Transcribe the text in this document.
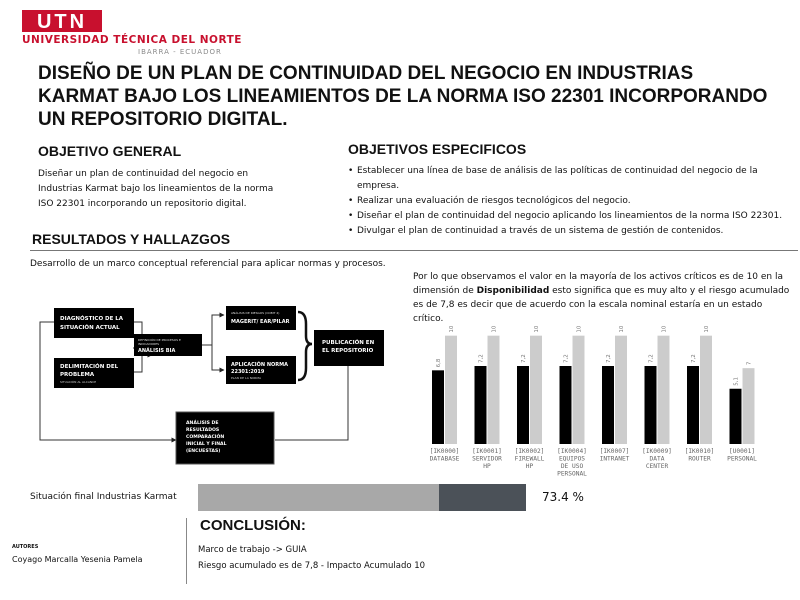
UTN
UNIVERSIDAD TÉCNICA DEL NORTE
IBARRA - ECUADOR
DISEÑO DE UN PLAN DE CONTINUIDAD DEL NEGOCIO EN INDUSTRIAS KARMAT BAJO LOS LINEAMIENTOS DE LA NORMA ISO 22301 INCORPORANDO UN REPOSITORIO DIGITAL.
OBJETIVO GENERAL

Diseñar un plan de continuidad del negocio en Industrias Karmat bajo los lineamientos de la norma ISO 22301 incorporando un repositorio digital.

OBJETIVOS ESPECIFICOS
• Establecer una línea de base de análisis de las políticas de continuidad del negocio de la empresa.
• Realizar una evaluación de riesgos tecnológicos del negocio.
• Diseñar el plan de continuidad del negocio aplicando los lineamientos de la norma ISO 22301.
• Divulgar el plan de continuidad a través de un sistema de gestión de contenidos.
RESULTADOS Y HALLAZGOS
Desarrollo de un marco conceptual referencial para aplicar normas y procesos.

Por lo que observamos el valor en la mayoría de los activos críticos es de 10 en la dimensión de Disponibilidad esto significa que es muy alto y el riesgo acumulado es de 7,8 es decir que de acuerdo con la escala nominal estaría en un estado crítico.

DIAGNÓSTICO DE LA
SITUACIÓN ACTUAL
DELIMITACIÓN DEL
PROBLEMA
SITUACIÓN AL ALCANCE
DEFINICIÓN DE PROCESOS E
INDICADORES
ANÁLISIS BIA
ANÁLISIS DE RIESGOS (COBIT 4)
MAGERIT/ EAR/PILAR
APLICACIÓN NORMA
22301:2019
PLAN DE LA NORMA
PUBLICACIÓN EN
EL REPOSITORIO
ANÁLISIS DE
RESULTADOS
COMPARACIÓN
INICIAL Y FINAL
(ENCUESTAS)
6,8
10
[IK0000]
DATABASE
7,2
10
[IK0001]
SERVIDOR
HP
7,2
10
[IK0002]
FIREWALL
HP
7,2
10
[IK0004]
EQUIPOS
DE USO
PERSONAL
7,2
10
[IK0007]
INTRANET
7,2
10
[IK0009]
DATA
CENTER
7,2
10
[IK0010]
ROUTER
5,1
7
[U0001]
PERSONAL
Situación final Industrias Karmat	73.4 %
CONCLUSIÓN:
Marco de trabajo -> GUIA
Riesgo acumulado es de 7,8 - Impacto Acumulado 10
AUTORES
Coyago Marcalla Yesenia Pamela
